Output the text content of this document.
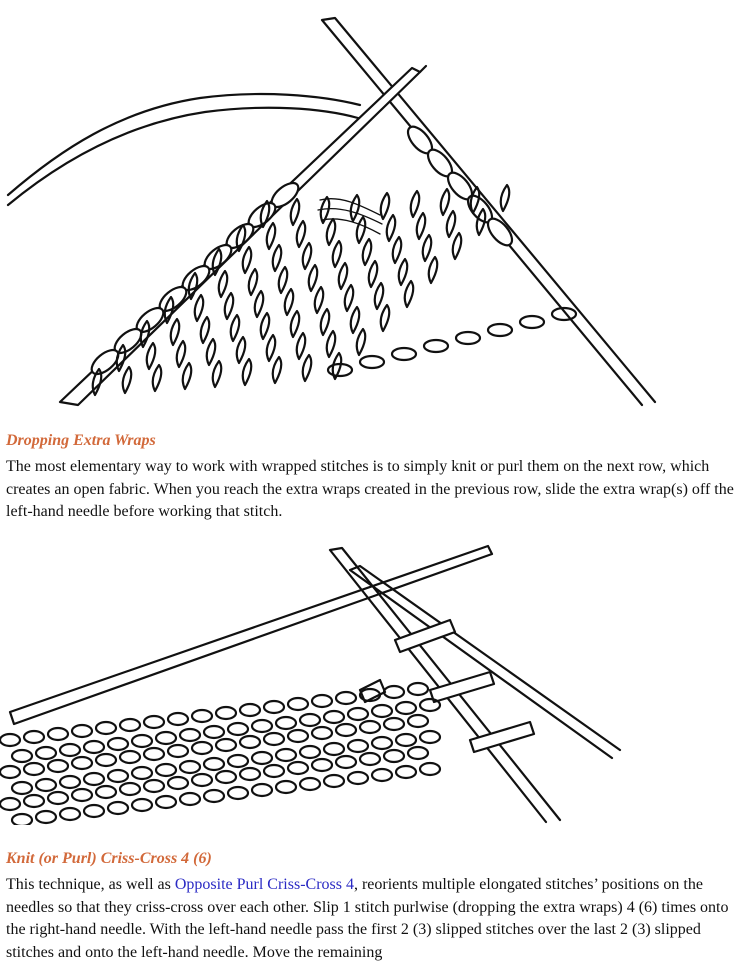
Dropping Extra Wraps

The most elementary way to work with wrapped stitches is to simply knit or purl them on the next row, which creates an open fabric. When you reach the extra wraps created in the previous row, slide the extra wrap(s) off the left-hand needle before working that stitch.

Knit (or Purl) Criss-Cross 4 (6)

This technique, as well as Opposite Purl Criss-Cross 4, reorients multiple elongated stitches’ positions on the needles so that they criss-cross over each other. Slip 1 stitch purlwise (dropping the extra wraps) 4 (6) times onto the right-hand needle. With the left-hand needle pass the first 2 (3) slipped stitches over the last 2 (3) slipped stitches and onto the left-hand needle. Move the remaining
